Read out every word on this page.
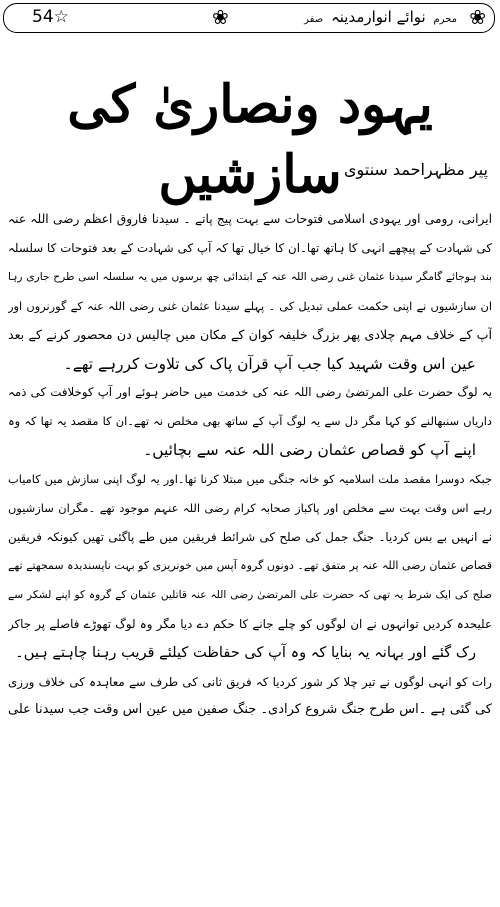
54☆	❀	محرم نوائے انوارمدینہ صفر	❀
یہود ونصاریٰ کی سازشیں پیر مظہراحمد سنتوی
ایرانی، رومی اور یہودی اسلامی فتوحات سے بہت پیج پاتے ۔ سیدنا فاروق اعظم رضی اللہ عنہ
کی شہادت کے پیچھے انہی کا ہاتھ تھا۔ان کا خیال تھا کہ آپ کی شہادت کے بعد فتوحات کا سلسلہ
بند ہوجائے گامگر سیدنا عثمان غنی رضی اللہ عنہ کے ابتدائی چھ برسوں میں یہ سلسلہ اسی طرح جاری رہا
ان سازشیوں نے اپنی حکمت عملی تبدیل کی ۔ پہلے سیدنا عثمان غنی رضی اللہ عنہ کے گورنروں اور
آپ کے خلاف مہم چلادی پھر بزرگ خلیفہ کوان کے مکان میں چالیس دن محصور کرنے کے بعد
عین اس وقت شہید کیا جب آپ قرآن پاک کی تلاوت کررہے تھے۔
یہ لوگ حضرت علی المرتضیٰ رضی اللہ عنہ کی خدمت میں حاضر ہوئے اور آپ کوخلافت کی ذمہ
داریاں سنبھالنے کو کہا مگر دل سے یہ لوگ آپ کے ساتھ بھی مخلص نہ تھے۔ان کا مقصد یہ تھا کہ وہ
اپنے آپ کو قصاص عثمان رضی اللہ عنہ سے بچائیں۔
جبکہ دوسرا مقصد ملت اسلامیہ کو خانہ جنگی میں مبتلا کرنا تھا۔اور یہ لوگ اپنی سازش میں کامیاب
رہے اس وقت بہت سے مخلص اور پاکباز صحابہ کرام رضی اللہ عنہم موجود تھے ۔مگران سازشیوں
نے انہیں بے بس کردیا۔ جنگ جمل کی صلح کی شرائط فریقین میں طے پاگئی تھیں کیونکہ فریقین
قصاص عثمان رضی اللہ عنہ پر متفق تھے۔ دونوں گروہ آپس میں خونریزی کو بہت ناپسندیدہ سمجھتے تھے
صلح کی ایک شرط یہ تھی کہ حضرت علی المرتضیٰ رضی اللہ عنہ قاتلین عثمان کے گروہ کو اپنے لشکر سے
علیحدہ کردیں توانہوں نے ان لوگوں کو چلے جانے کا حکم دے دیا مگر وہ لوگ تھوڑے فاصلے پر جاکر
رک گئے اور بہانہ یہ بنایا کہ وہ آپ کی حفاظت کیلئے قریب رہنا چاہتے ہیں۔
رات کو انہی لوگوں نے تیر چلا کر شور کردیا کہ فریق ثانی کی طرف سے معاہدہ کی خلاف ورزی
کی گئی ہے ۔اس طرح جنگ شروع کرادی۔ جنگ صفین میں عین اس وقت جب سیدنا علی
